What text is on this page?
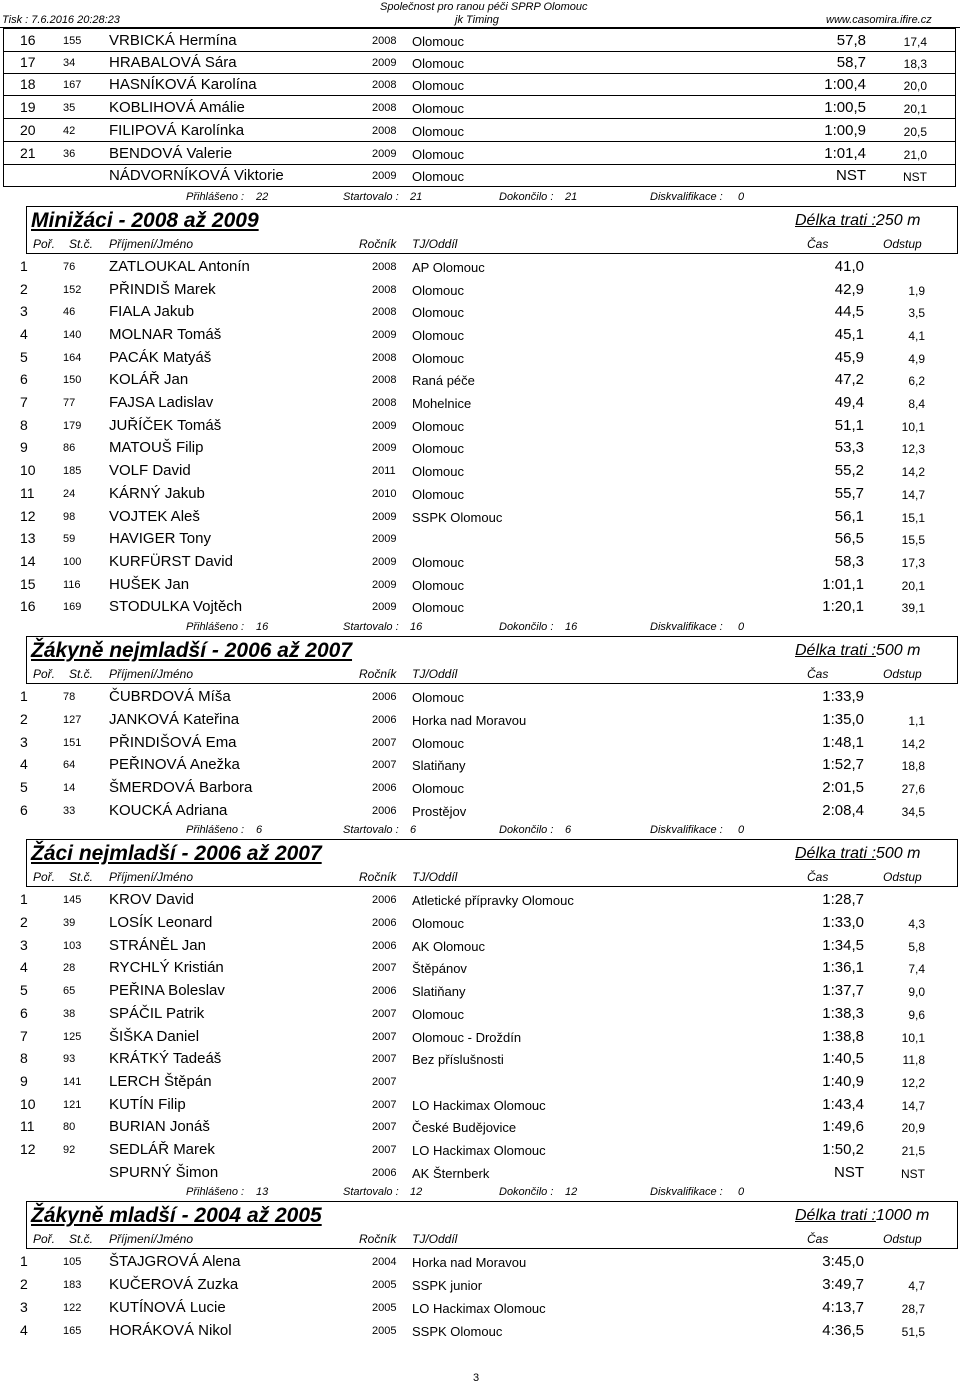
Tisk : 7.6.2016 20:28:23
Společnost pro ranou péči SPRP Olomouc
jk Timing	www.casomira.ifire.cz
16 155 VRBICKÁ Hermína	2008 Olomouc	57,8	17,4
17 34 HRABALOVÁ Sára	2009 Olomouc	58,7	18,3
18 167 HASNÍKOVÁ Karolína	2008 Olomouc	1:00,4	20,0
19 35 KOBLIHOVÁ Amálie	2008 Olomouc	1:00,5	20,1
20 42 FILIPOVÁ Karolínka	2008 Olomouc	1:00,9	20,5
21 36 BENDOVÁ Valerie	2009 Olomouc	1:01,4	21,0
NÁDVORNÍKOVÁ Viktorie	2009 Olomouc	NST	NST
Přihlášeno : 22	Startovalo : 21	Dokončilo : 21	Diskvalifikace : 0
Minižáci - 2008 až 2009	Délka trati :250 m
Poř. St.č. Příjmení/Jméno	Ročník TJ/Oddíl	Čas	Odstup
1	76 ZATLOUKAL Antonín	2008 AP Olomouc	41,0
2	152 PŘINDIŠ Marek	2008 Olomouc	42,9	1,9
3	46 FIALA Jakub	2008 Olomouc	44,5	3,5
4	140 MOLNAR Tomáš	2009 Olomouc	45,1	4,1
5	164 PACÁK Matyáš	2008 Olomouc	45,9	4,9
6	150 KOLÁŘ Jan	2008 Raná péče	47,2	6,2
7	77 FAJSA Ladislav	2008 Mohelnice	49,4	8,4
8	179 JUŘÍČEK Tomáš	2009 Olomouc	51,1	10,1
9	86 MATOUŠ Filip	2009 Olomouc	53,3	12,3
10 185 VOLF David	2011 Olomouc	55,2	14,2
11	24 KÁRNÝ Jakub	2010 Olomouc	55,7	14,7
12 98 VOJTEK Aleš	2009 SSPK Olomouc	56,1	15,1
13 59 HAVIGER Tony	2009	56,5	15,5
14 100 KURFÜRST David	2009 Olomouc	58,3	17,3
15 116 HUŠEK Jan	2009 Olomouc	1:01,1	20,1
16 169 STODULKA Vojtěch	2009 Olomouc	1:20,1	39,1
Přihlášeno : 16	Startovalo : 16	Dokončilo : 16	Diskvalifikace : 0
Žákyně nejmladší - 2006 až 2007	Délka trati :500 m
Poř. St.č. Příjmení/Jméno	Ročník TJ/Oddíl	Čas	Odstup
1	78 ČUBRDOVÁ Míša	2006 Olomouc	1:33,9
2	127 JANKOVÁ Kateřina	2006 Horka nad Moravou	1:35,0	1,1
3	151 PŘINDIŠOVÁ Ema	2007 Olomouc	1:48,1	14,2
4	64 PEŘINOVÁ Anežka	2007 Slatiňany	1:52,7	18,8
5	14 ŠMERDOVÁ Barbora	2006 Olomouc	2:01,5	27,6
6	33 KOUCKÁ Adriana	2006 Prostějov	2:08,4	34,5
Přihlášeno : 6	Startovalo : 6	Dokončilo : 6	Diskvalifikace : 0
Žáci nejmladší - 2006 až 2007	Délka trati :500 m
Poř. St.č. Příjmení/Jméno	Ročník TJ/Oddíl	Čas	Odstup
1	145 KROV David	2006 Atletické přípravky Olomouc	1:28,7
2	39 LOSÍK Leonard	2006 Olomouc	1:33,0	4,3
3	103 STRÁNĚL Jan	2006 AK Olomouc	1:34,5	5,8
4	28 RYCHLÝ Kristián	2007 Štěpánov	1:36,1	7,4
5	65 PEŘINA Boleslav	2006 Slatiňany	1:37,7	9,0
6	38 SPÁČIL Patrik	2007 Olomouc	1:38,3	9,6
7	125 ŠIŠKA Daniel	2007 Olomouc - Droždín	1:38,8	10,1
8	93 KRÁTKÝ Tadeáš	2007 Bez příslušnosti	1:40,5	11,8
9	141 LERCH Štěpán	2007	1:40,9	12,2
10 121 KUTÍN Filip	2007 LO Hackimax Olomouc	1:43,4	14,7
11	80 BURIAN Jonáš	2007 České Budějovice	1:49,6	20,9
12 92 SEDLÁŘ Marek	2007 LO Hackimax Olomouc	1:50,2	21,5
SPURNÝ Šimon	2006 AK Šternberk	NST	NST
Přihlášeno : 13	Startovalo : 12	Dokončilo : 12	Diskvalifikace : 0
Žákyně mladší - 2004 až 2005	Délka trati :1000 m
Poř. St.č. Příjmení/Jméno	Ročník TJ/Oddíl	Čas	Odstup
1	105 ŠTAJGROVÁ Alena	2004 Horka nad Moravou	3:45,0
2	183 KUČEROVÁ Zuzka	2005 SSPK junior	3:49,7	4,7
3	122 KUTÍNOVÁ Lucie	2005 LO Hackimax Olomouc	4:13,7	28,7
4	165 HORÁKOVÁ Nikol	2005 SSPK Olomouc	4:36,5	51,5
3
